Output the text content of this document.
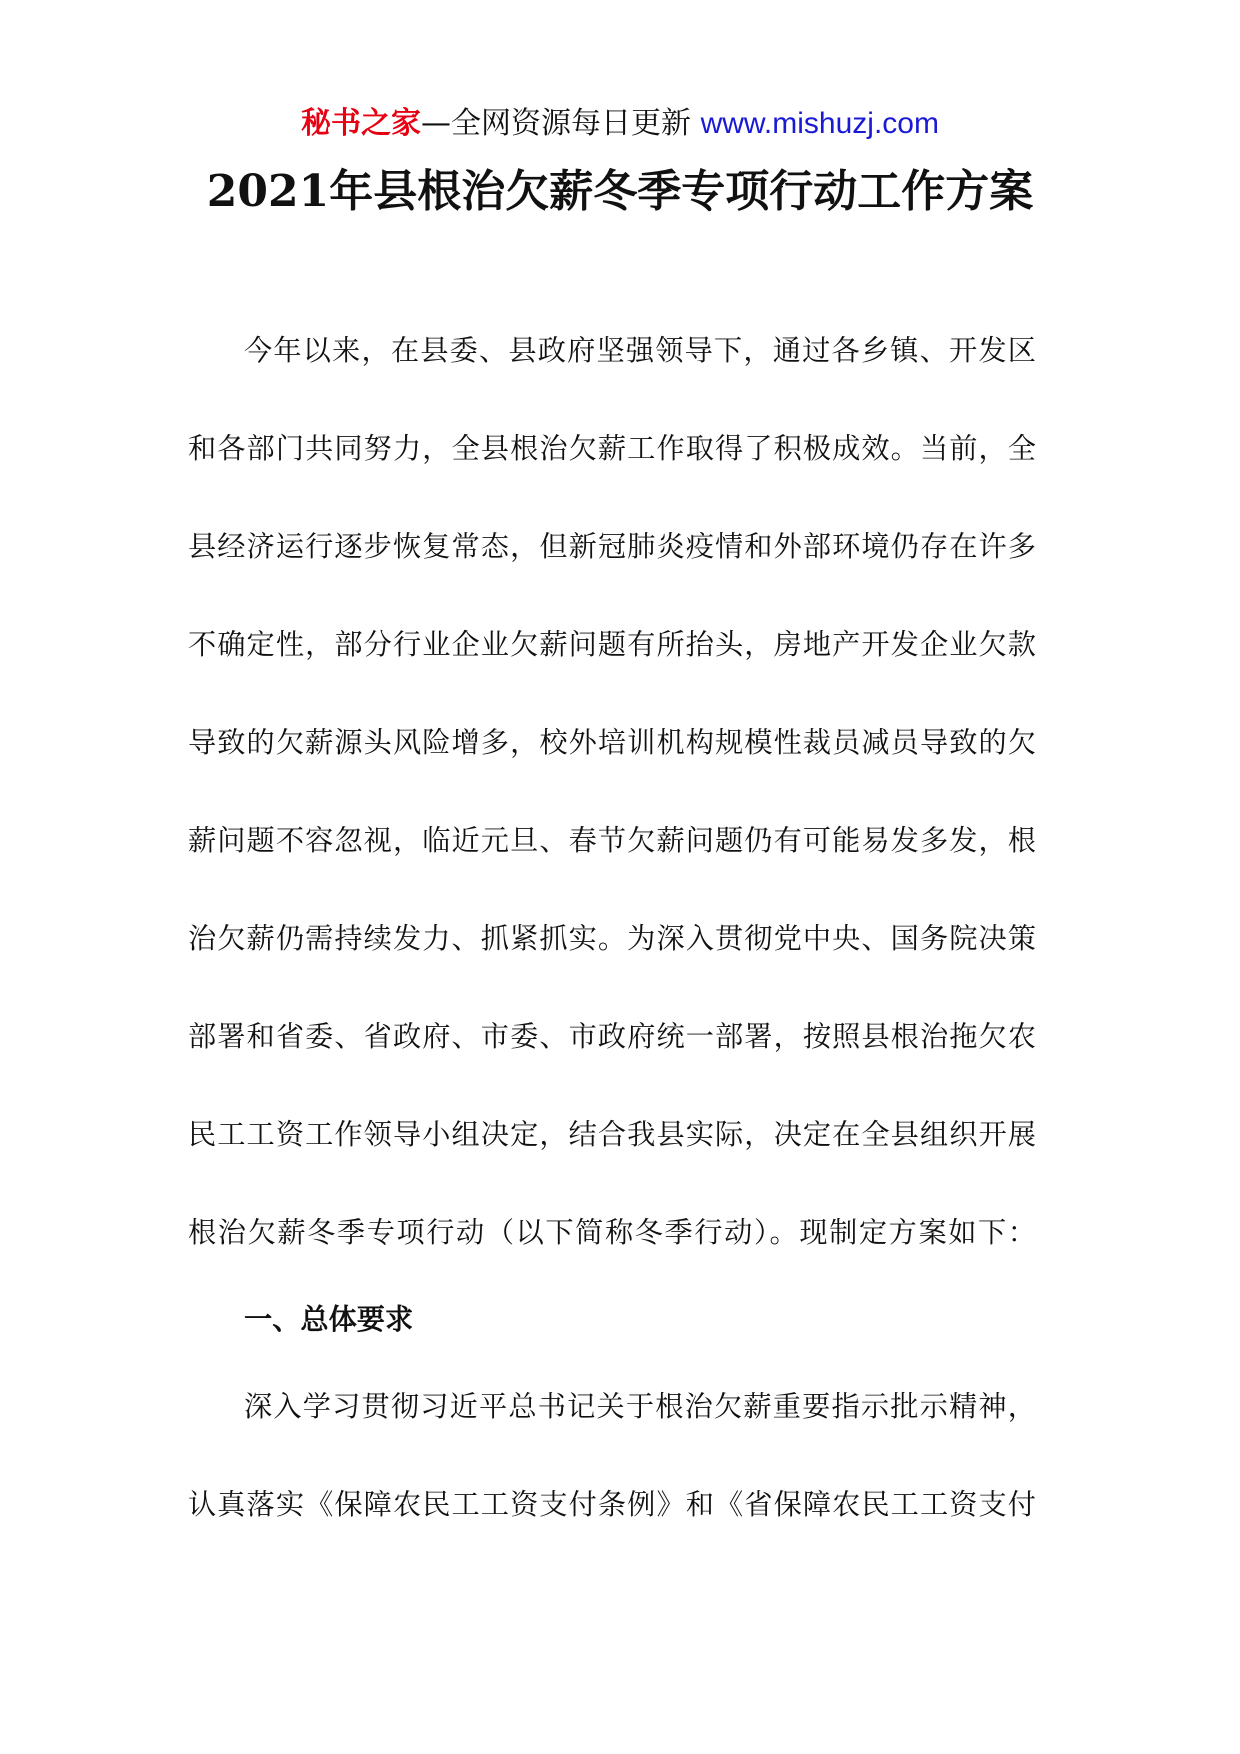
秘书之家—全网资源每日更新 www.mishuzj.com
2021年县根治欠薪冬季专项行动工作方案
今年以来，在县委、县政府坚强领导下，通过各乡镇、开发区
和各部门共同努力，全县根治欠薪工作取得了积极成效。当前，全
县经济运行逐步恢复常态，但新冠肺炎疫情和外部环境仍存在许多
不确定性，部分行业企业欠薪问题有所抬头，房地产开发企业欠款
导致的欠薪源头风险增多，校外培训机构规模性裁员减员导致的欠
薪问题不容忽视，临近元旦、春节欠薪问题仍有可能易发多发，根
治欠薪仍需持续发力、抓紧抓实。为深入贯彻党中央、国务院决策
部署和省委、省政府、市委、市政府统一部署，按照县根治拖欠农
民工工资工作领导小组决定，结合我县实际，决定在全县组织开展
根治欠薪冬季专项行动（以下简称冬季行动）。现制定方案如下：
一、总体要求
深入学习贯彻习近平总书记关于根治欠薪重要指示批示精神，
认真落实《保障农民工工资支付条例》和《省保障农民工工资支付
